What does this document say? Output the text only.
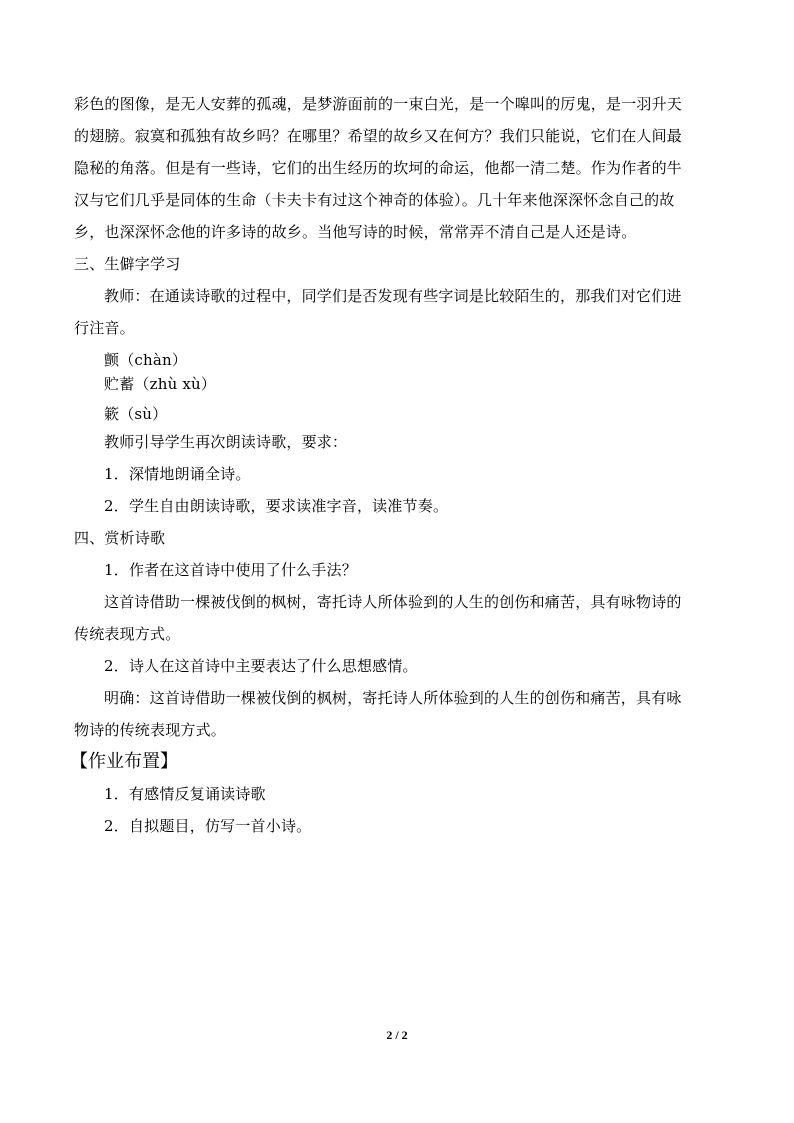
彩色的图像，是无人安葬的孤魂，是梦游面前的一束白光，是一个嗥叫的厉鬼，是一羽升天
的翅膀。寂寞和孤独有故乡吗？在哪里？希望的故乡又在何方？我们只能说，它们在人间最
隐秘的角落。但是有一些诗，它们的出生经历的坎坷的命运，他都一清二楚。作为作者的牛
汉与它们几乎是同体的生命（卡夫卡有过这个神奇的体验）。几十年来他深深怀念自己的故
乡，也深深怀念他的许多诗的故乡。当他写诗的时候，常常弄不清自己是人还是诗。
三、生僻字学习
教师：在通读诗歌的过程中，同学们是否发现有些字词是比较陌生的，那我们对它们进
行注音。
颤（chàn）
贮蓄（zhù xù）
簌（sù）
教师引导学生再次朗读诗歌，要求：
1．深情地朗诵全诗。
2．学生自由朗读诗歌，要求读准字音，读准节奏。
四、赏析诗歌
1．作者在这首诗中使用了什么手法？
这首诗借助一棵被伐倒的枫树，寄托诗人所体验到的人生的创伤和痛苦，具有咏物诗的
传统表现方式。
2．诗人在这首诗中主要表达了什么思想感情。
明确：这首诗借助一棵被伐倒的枫树，寄托诗人所体验到的人生的创伤和痛苦，具有咏
物诗的传统表现方式。
【作业布置】
1．有感情反复诵读诗歌
2．自拟题目，仿写一首小诗。
2 / 2
